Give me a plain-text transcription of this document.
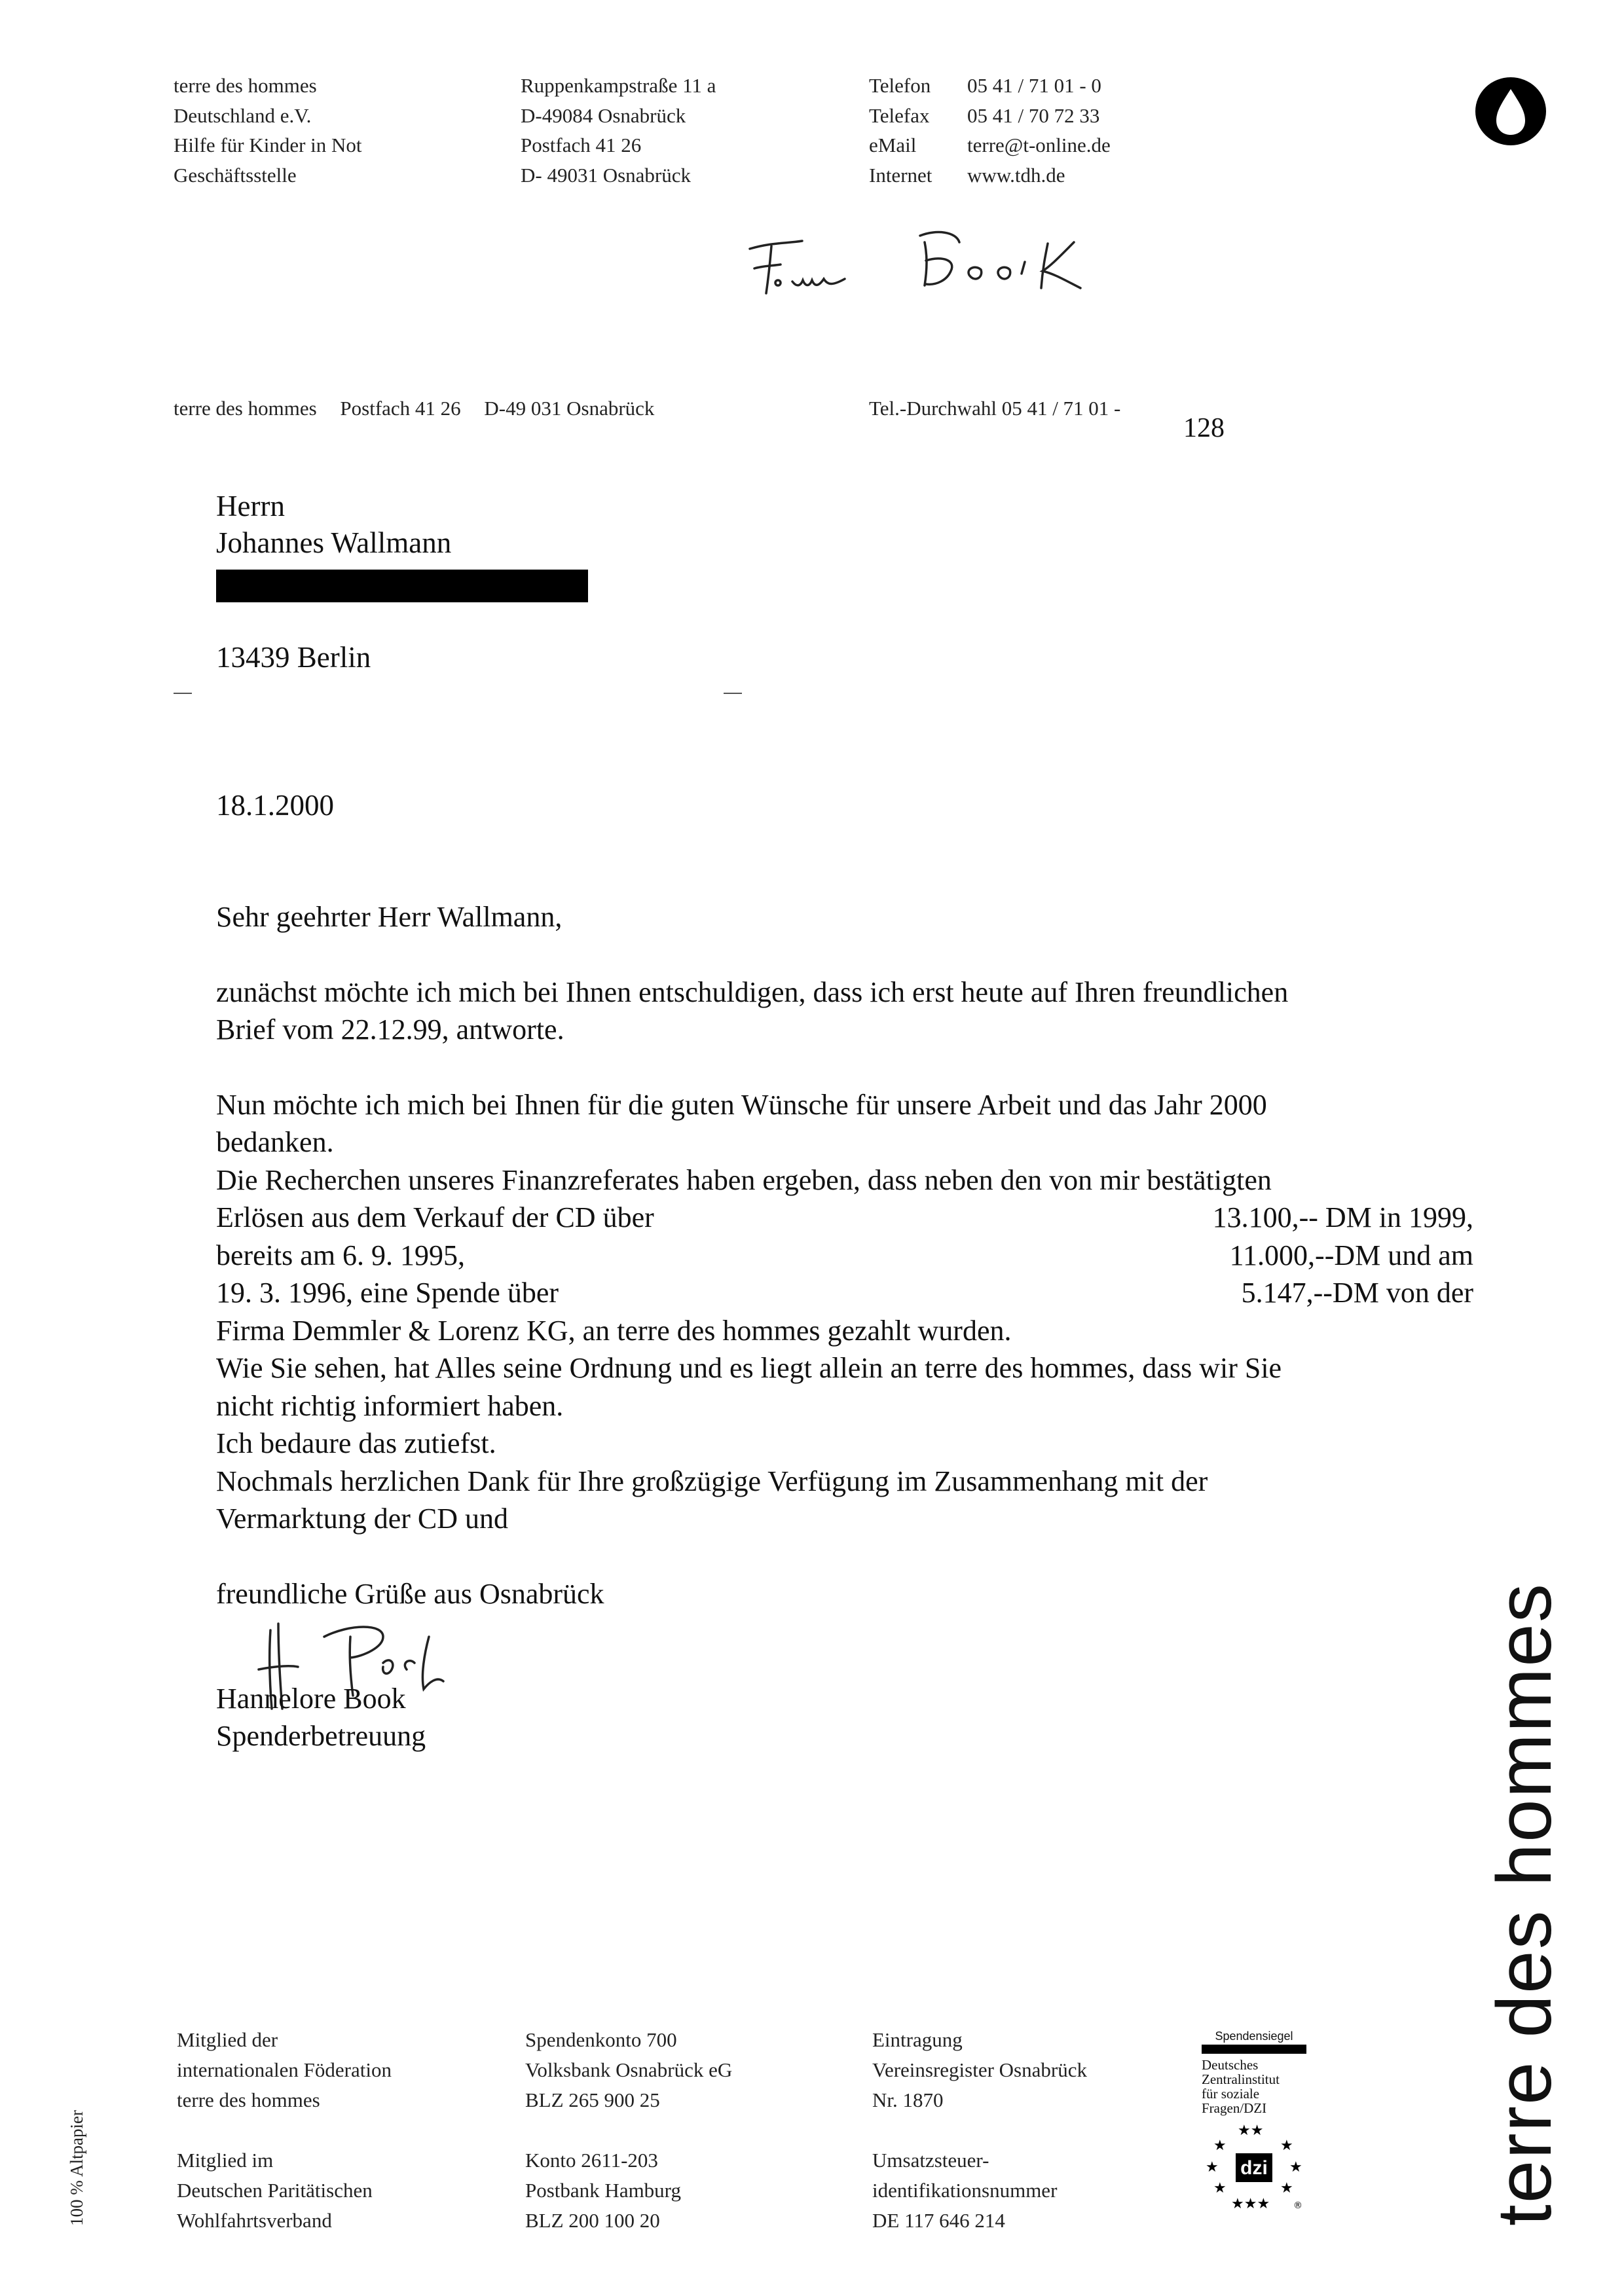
terre des hommes
Deutschland e.V.
Hilfe für Kinder in Not
Geschäftsstelle
Ruppenkampstraße 11 a
D-49084 Osnabrück
Postfach 41 26
D- 49031 Osnabrück
Telefon	05 41 / 71 01 - 0
Telefax	05 41 / 70 72 33
eMail	terre@t-online.de
Internet	www.tdh.de
terre des hommes Postfach 41 26 D-49 031 Osnabrück	Tel.-Durchwahl 05 41 / 71 01 -
128
Herrn
Johannes Wallmann
13439 Berlin
18.1.2000

Sehr geehrter Herr Wallmann,

zunächst möchte ich mich bei Ihnen entschuldigen, dass ich erst heute auf Ihren freundlichen
Brief vom 22.12.99, antworte.

Nun möchte ich mich bei Ihnen für die guten Wünsche für unsere Arbeit und das Jahr 2000
bedanken.
Die Recherchen unseres Finanzreferates haben ergeben, dass neben den von mir bestätigten
Erlösen aus dem Verkauf der CD über	13.100,-- DM in 1999,
bereits am 6. 9. 1995,	11.000,--DM und am
19. 3. 1996, eine Spende über	5.147,--DM von der
Firma Demmler & Lorenz KG, an terre des hommes gezahlt wurden.
Wie Sie sehen, hat Alles seine Ordnung und es liegt allein an terre des hommes, dass wir Sie
nicht richtig informiert haben.
Ich bedaure das zutiefst.
Nochmals herzlichen Dank für Ihre großzügige Verfügung im Zusammenhang mit der
Vermarktung der CD und

freundliche Grüße aus Osnabrück

Hannelore Book
Spenderbetreuung
Mitglied der
internationalen Föderation
terre des hommes
Mitglied im
Deutschen Paritätischen
Wohlfahrtsverband
Spendenkonto 700
Volksbank Osnabrück eG
BLZ 265 900 25
Konto 2611-203
Postbank Hamburg
BLZ 200 100 20
Eintragung
Vereinsregister Osnabrück
Nr. 1870
Umsatzsteuer-
identifikationsnummer
DE 117 646 214
Spendensiegel
Deutsches
Zentralinstitut
für soziale
Fragen/DZI
★★
★	★
★	★
★	★
★★★	®
dzi
100 % Altpapier	terre des hommes
